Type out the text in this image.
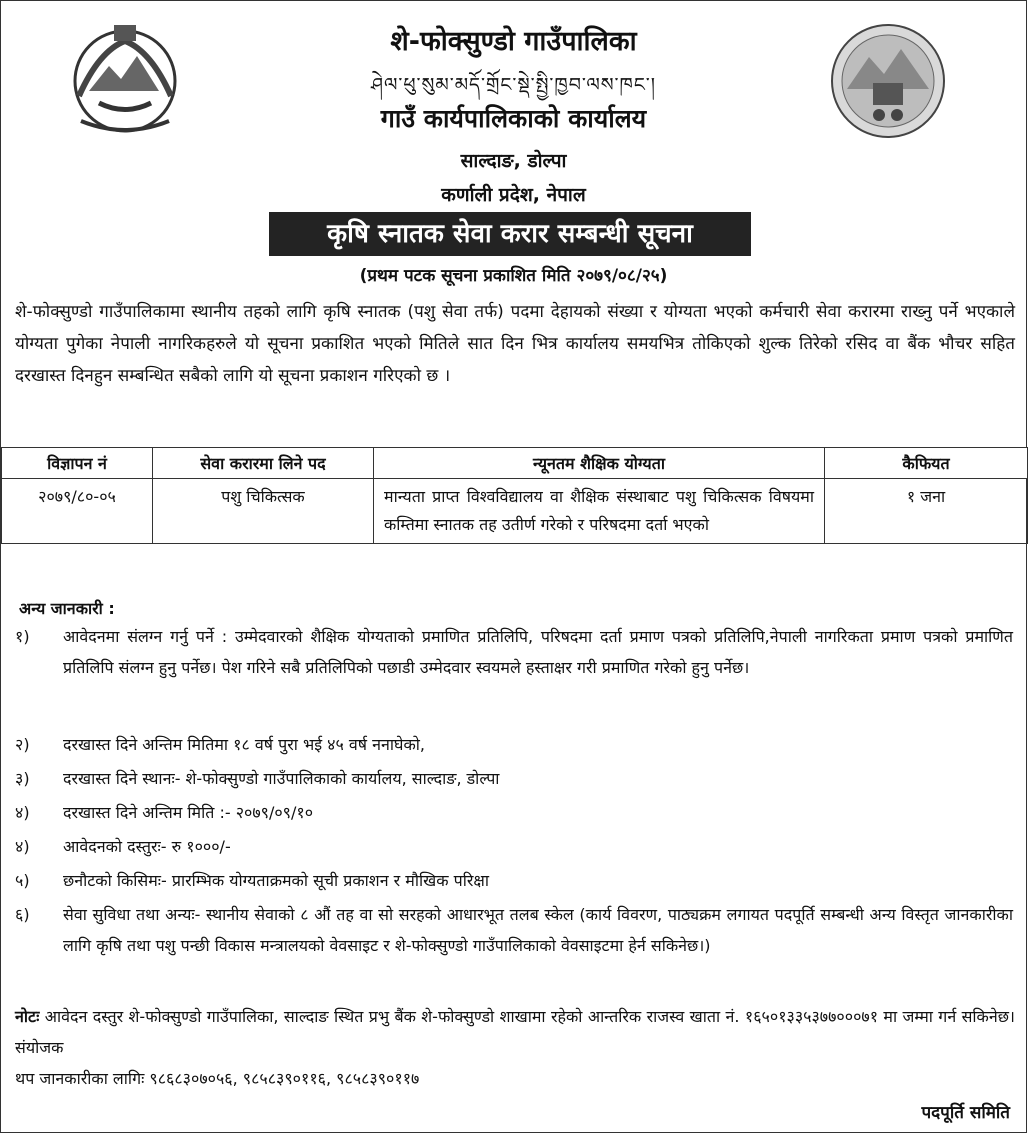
शे-फोक्सुण्डो गाउँपालिका
ཤེལ་ཕུ་སུམ་མདོ་གྲོང་སྡེ་སྤྱི་ཁྱབ་ལས་ཁང་།
गाउँ कार्यपालिकाको कार्यालय
साल्दाङ, डोल्पा
कर्णाली प्रदेश, नेपाल
कृषि स्नातक सेवा करार सम्बन्धी सूचना
(प्रथम पटक सूचना प्रकाशित मिति २०७९/०८/२५)
शे-फोक्सुण्डो गाउँपालिकामा स्थानीय तहको लागि कृषि स्नातक (पशु सेवा तर्फ) पदमा देहायको संख्या र योग्यता भएको कर्मचारी सेवा करारमा राख्नु पर्ने भएकाले योग्यता पुगेका नेपाली नागरिकहरुले यो सूचना प्रकाशित भएको मितिले सात दिन भित्र कार्यालय समयभित्र तोकिएको शुल्क तिरेको रसिद वा बैंक भौचर सहित दरखास्त दिनहुन सम्बन्धित सबैको लागि यो सूचना प्रकाशन गरिएको छ ।
विज्ञापन नं	सेवा करारमा लिने पद	न्यूनतम शैक्षिक योग्यता	कैफियत
२०७९/८०-०५	पशु चिकित्सक	मान्यता प्राप्त विश्वविद्यालय वा शैक्षिक संस्थाबाट पशु चिकित्सक विषयमा कम्तिमा स्नातक तह उतीर्ण गरेको र परिषदमा दर्ता भएको	१ जना
अन्य जानकारी :
१)	आवेदनमा संलग्न गर्नु पर्ने : उम्मेदवारको शैक्षिक योग्यताको प्रमाणित प्रतिलिपि, परिषदमा दर्ता प्रमाण पत्रको प्रतिलिपि,नेपाली नागरिकता प्रमाण पत्रको प्रमाणित प्रतिलिपि संलग्न हुनु पर्नेछ। पेश गरिने सबै प्रतिलिपिको पछाडी उम्मेदवार स्वयमले हस्ताक्षर गरी प्रमाणित गरेको हुनु पर्नेछ।
२)	दरखास्त दिने अन्तिम मितिमा १८ वर्ष पुरा भई ४५ वर्ष ननाघेको,
३)	दरखास्त दिने स्थानः- शे-फोक्सुण्डो गाउँपालिकाको कार्यालय, साल्दाङ, डोल्पा
४)	दरखास्त दिने अन्तिम मिति :- २०७९/०९/१०
४)	आवेदनको दस्तुरः- रु १०००/-
५)	छनौटको किसिमः- प्रारम्भिक योग्यताक्रमको सूची प्रकाशन र मौखिक परिक्षा
६)	सेवा सुविधा तथा अन्यः- स्थानीय सेवाको ८ औं तह वा सो सरहको आधारभूत तलब स्केल (कार्य विवरण, पाठ्यक्रम लगायत पदपूर्ति सम्बन्धी अन्य विस्तृत जानकारीका लागि कृषि तथा पशु पन्छी विकास मन्त्रालयको वेवसाइट र शे-फोक्सुण्डो गाउँपालिकाको वेवसाइटमा हेर्न सकिनेछ।)
नोटः आवेदन दस्तुर शे-फोक्सुण्डो गाउँपालिका, साल्दाङ स्थित प्रभु बैंक शे-फोक्सुण्डो शाखामा रहेको आन्तरिक राजस्व खाता नं. १६५०१३३५३७७०००७१ मा जम्मा गर्न सकिनेछ। संयोजक
थप जानकारीका लागिः ९८६८३०७०५६, ९८५८३९०११६, ९८५८३९०११७
पदपूर्ति समिति
